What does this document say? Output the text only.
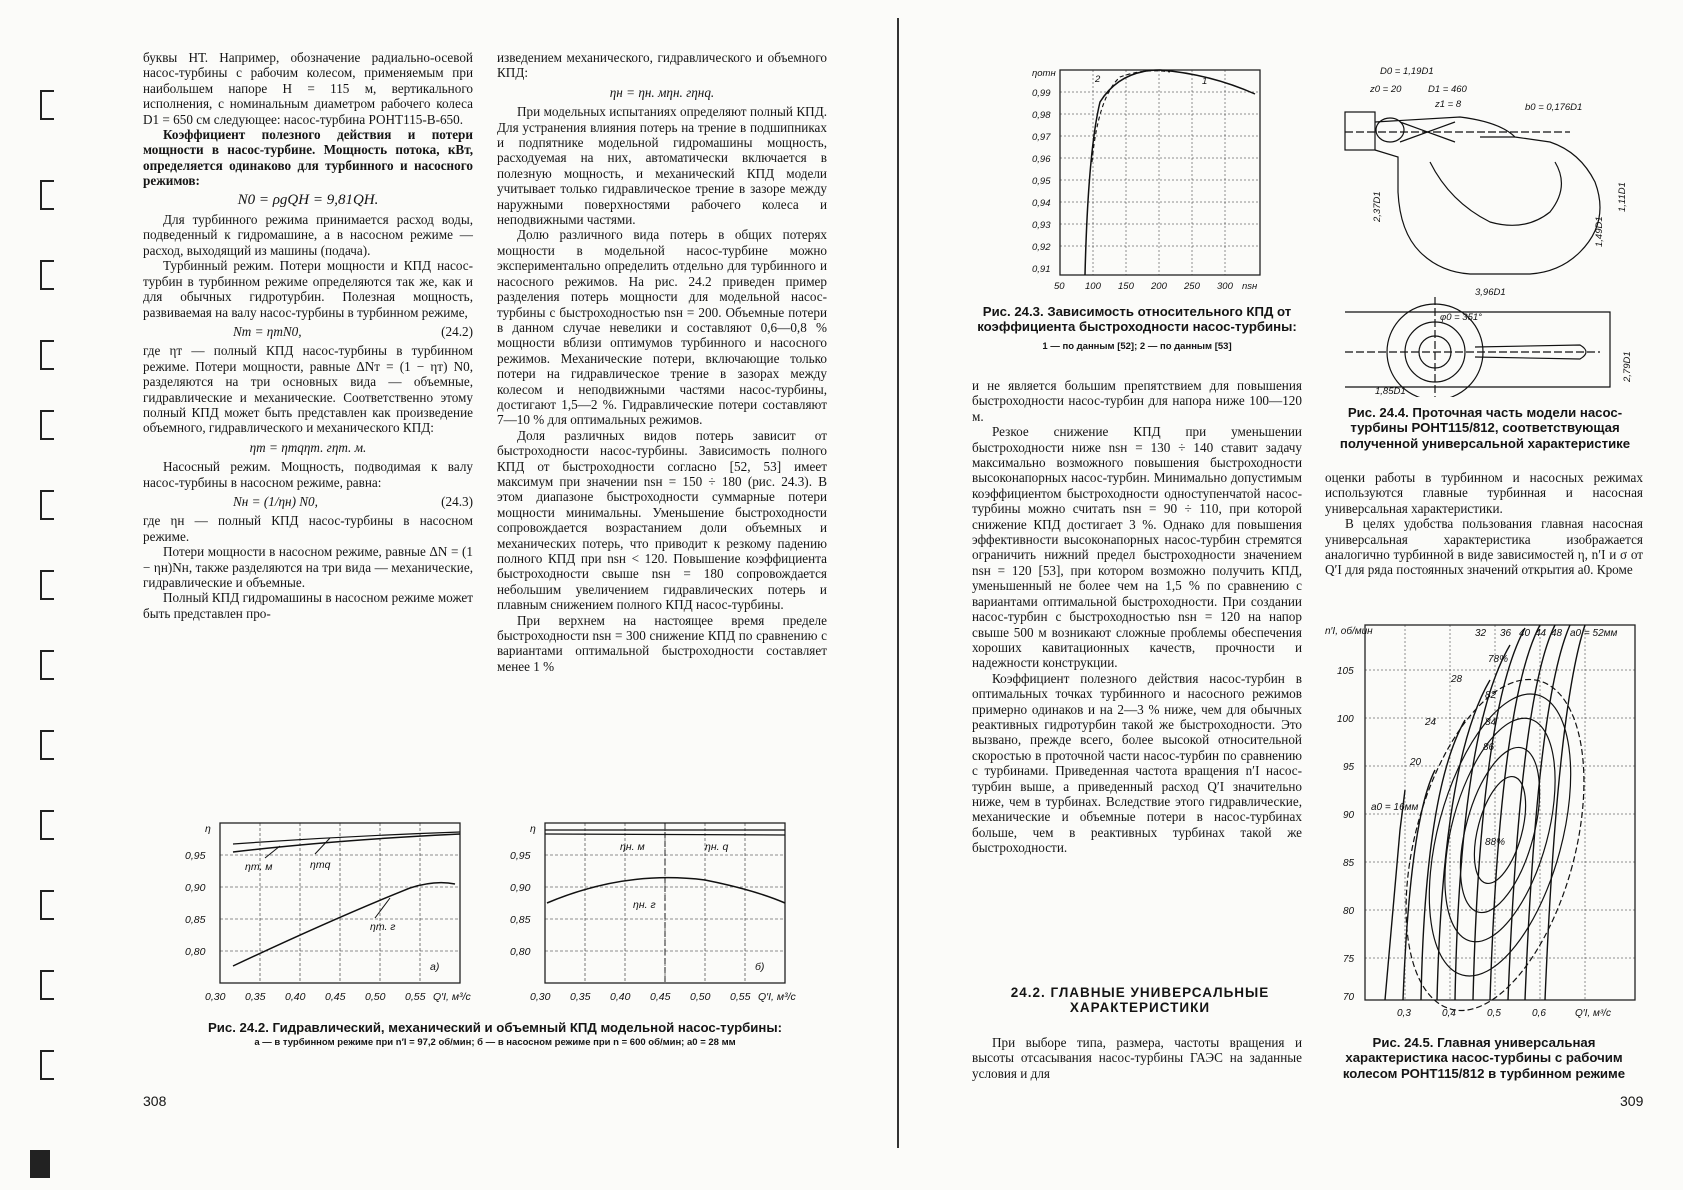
буквы НТ. Например, обозначение радиально-осевой насос-турбины с рабочим колесом, применяемым при наибольшем напоре H = 115 м, вертикального исполнения, с номинальным диаметром рабочего колеса D1 = 650 см следующее: насос-турбина РОНТ115-В-650.

Коэффициент полезного действия и потери мощности в насос-турбине. Мощность потока, кВт, определяется одинаково для турбинного и насосного режимов:

N0 = ρgQH = 9,81QH.

Для турбинного режима принимается расход воды, подведенный к гидромашине, а в насосном режиме — расход, выходящий из машины (подача).

Турбинный режим. Потери мощности и КПД насос-турбин в турбинном режиме определяются так же, как и для обычных гидротурбин. Полезная мощность, развиваемая на валу насос-турбины в турбинном режиме,

Nт = ηтN0,	(24.2)

где ηт — полный КПД насос-турбины в турбинном режиме. Потери мощности, равные ΔNт = (1 − ηт) N0, разделяются на три основных вида — объемные, гидравлические и механические. Соответственно этому полный КПД может быть представлен как произведение объемного, гидравлического и механического КПД:

ηт = ηтqηт. гηт. м.

Насосный режим. Мощность, подводимая к валу насос-турбины в насосном режиме, равна:

Nн = (1/ηн) N0,	(24.3)

где ηн — полный КПД насос-турбины в насосном режиме.

Потери мощности в насосном режиме, равные ΔN = (1 − ηн)Nн, также разделяются на три вида — механические, гидравлические и объемные.

Полный КПД гидромашины в насосном режиме может быть представлен про-

изведением механического, гидравлического и объемного КПД:

ηн = ηн. мηн. гηнq.

При модельных испытаниях определяют полный КПД. Для устранения влияния потерь на трение в подшипниках и подпятнике модельной гидромашины мощность, расходуемая на них, автоматически включается в полезную мощность, и механический КПД модели учитывает только гидравлическое трение в зазоре между наружными поверхностями рабочего колеса и неподвижными частями.

Долю различного вида потерь в общих потерях мощности в модельной насос-турбине можно экспериментально определить отдельно для турбинного и насосного режимов. На рис. 24.2 приведен пример разделения потерь мощности для модельной насос-турбины с быстроходностью nsн = 200. Объемные потери в данном случае невелики и составляют 0,6—0,8 % мощности вблизи оптимумов турбинного и насосного режимов. Механические потери, включающие только потери на гидравлическое трение в зазорах между колесом и неподвижными частями насос-турбины, достигают 1,5—2 %. Гидравлические потери составляют 7—10 % для оптимальных режимов.

Доля различных видов потерь зависит от быстроходности насос-турбины. Зависимость полного КПД от быстроходности согласно [52, 53] имеет максимум при значении nsн = 150 ÷ 180 (рис. 24.3). В этом диапазоне быстроходности суммарные потери мощности минимальны. Уменьшение быстроходности сопровождается возрастанием доли объемных и механических потерь, что приводит к резкому падению полного КПД при nsн < 120. Повышение коэффициента быстроходности свыше nsн = 180 сопровождается небольшим увеличением гидравлических потерь и плавным снижением полного КПД насос-турбины.

При верхнем на настоящее время пределе быстроходности nsн = 300 снижение КПД по сравнению с вариантами оптимальной быстроходности составляет менее 1 %

η	η
0,95
0,90
0,85
0,80
0,95
0,90
0,85
0,80
0,30 0,35 0,40 0,45 0,50 0,55 Q′I, м³/с	0,30 0,35 0,40 0,45 0,50 0,55 Q′I, м³/с
ηт. м	ηтq
ηт. г
а)
ηн. м	ηн. q
ηн. г
б)
Рис. 24.2. Гидравлический, механический и объемный КПД модельной насос-турбины:
а — в турбинном режиме при n′I = 97,2 об/мин; б — в насосном режиме при n = 600 об/мин; a0 = 28 мм
308
ηотн
0,99
0,98
0,97
0,96
0,95
0,94
0,93
0,92
0,91
50 100 150 200 250 300 nsн
1
2
Рис. 24.3. Зависимость относительного КПД от коэффициента быстроходности насос-турбины:
1 — по данным [52]; 2 — по данным [53]
D0 = 1,19D1
z0 = 20	D1 = 460
z1 = 8	b0 = 0,176D1
2,37D1
1,49D1
1,11D1
3,96D1
φ0 = 351°
2,79D1
1,85D1
Рис. 24.4. Проточная часть модели насос-турбины РОНТ115/812, соответствующая полученной универсальной характеристике

и не является большим препятствием для повышения быстроходности насос-турбин для напора ниже 100—120 м.

Резкое снижение КПД при уменьшении быстроходности ниже nsн = 130 ÷ 140 ставит задачу максимально возможного повышения быстроходности высоконапорных насос-турбин. Минимально допустимым коэффициентом быстроходности одноступенчатой насос-турбины можно считать nsн = 90 ÷ 110, при которой снижение КПД достигает 3 %. Однако для повышения эффективности высоконапорных насос-турбин стремятся ограничить нижний предел быстроходности значением nsн = 120 [53], при котором возможно получить КПД, уменьшенный не более чем на 1,5 % по сравнению с вариантами оптимальной быстроходности. При создании насос-турбин с быстроходностью nsн = 120 на напор свыше 500 м возникают сложные проблемы обеспечения хороших кавитационных качеств, прочности и надежности конструкции.

Коэффициент полезного действия насос-турбин в оптимальных точках турбинного и насосного режимов примерно одинаков и на 2—3 % ниже, чем для обычных реактивных гидротурбин такой же быстроходности. Это вызвано, прежде всего, более высокой относительной скоростью в проточной части насос-турбин по сравнению с турбинами. Приведенная частота вращения n′I насос-турбин выше, а приведенный расход Q′I значительно ниже, чем в турбинах. Вследствие этого гидравлические, механические и объемные потери в насос-турбинах больше, чем в реактивных турбинах такой же быстроходности.

24.2. ГЛАВНЫЕ УНИВЕРСАЛЬНЫЕ ХАРАКТЕРИСТИКИ

При выборе типа, размера, частоты вращения и высоты отсасывания насос-турбины ГАЭС на заданные условия и для

оценки работы в турбинном и насосных режимах используются главные турбинная и насосная универсальная характеристики.

В целях удобства пользования главная насосная универсальная характеристика изображается аналогично турбинной в виде зависимостей η, n′I и σ от Q′I для ряда постоянных значений открытия a0. Кроме

n′I, об/мин
105
100
95
90
85
80
75
70
0,3	0,4	0,5	0,6	Q′I, м³/с
a0 = 16мм
20
24
28
32 36 40 44 48 a0 = 52мм
78%
82
84
86
88%
Рис. 24.5. Главная универсальная характеристика насос-турбины с рабочим колесом РОНТ115/812 в турбинном режиме
309
